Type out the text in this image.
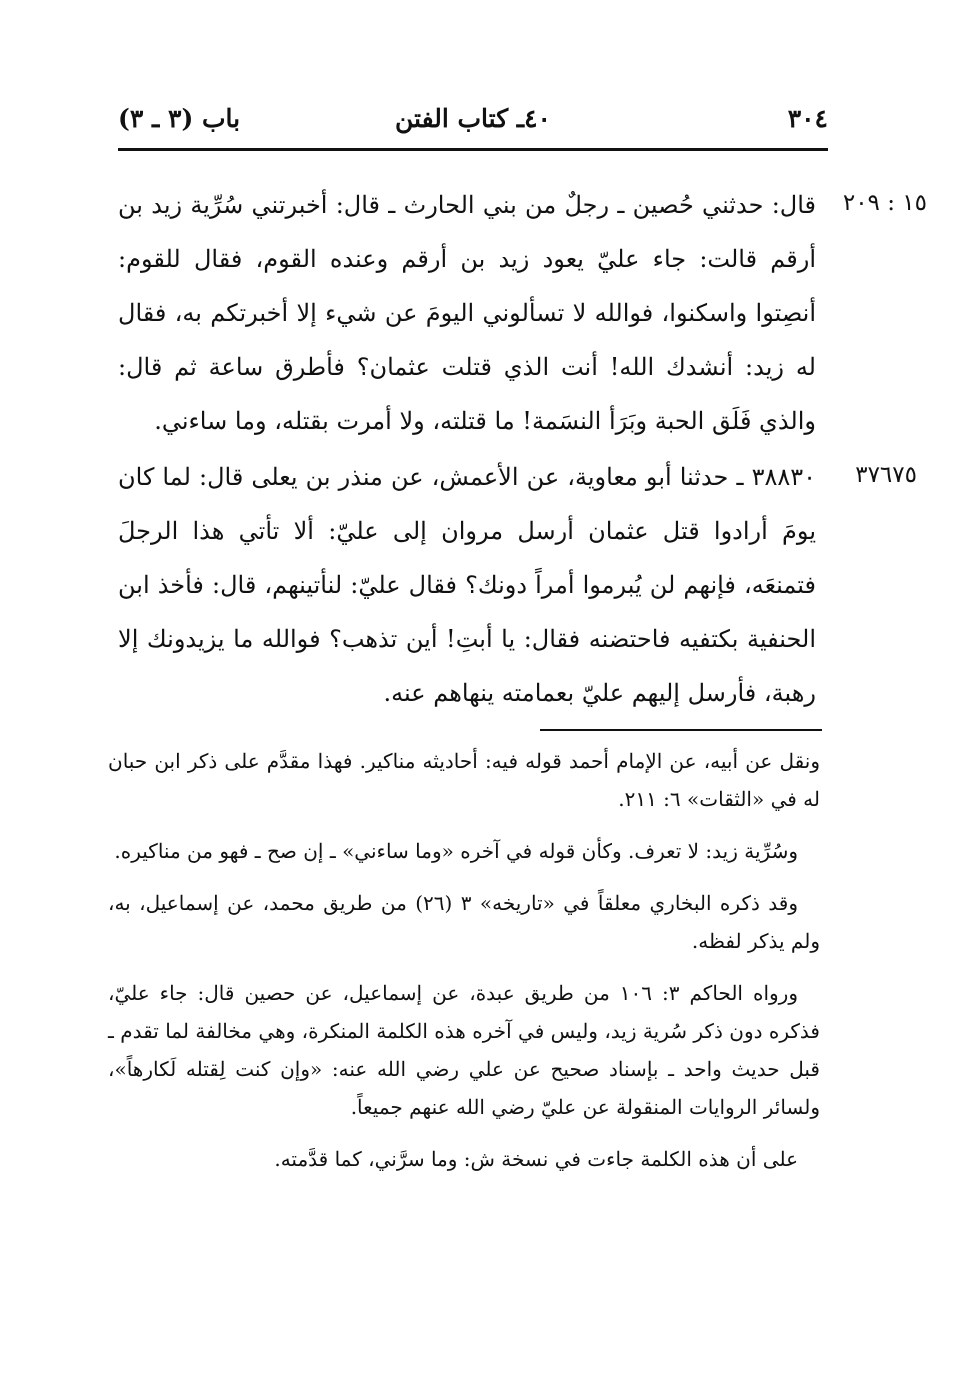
٣٠٤
٤٠ـ كتاب الفتن
باب (٣ ـ ٣)
١٥ : ٢٠٩

قال: حدثني حُصين ـ رجلٌ من بني الحارث ـ قال: أخبرتني سُرِّية زيد بن أرقم قالت: جاء عليّ يعود زيد بن أرقم وعنده القوم، فقال للقوم: أنصِتوا واسكنوا، فوالله لا تسألوني اليومَ عن شيء إلا أخبرتكم به، فقال له زيد: أنشدك الله! أنت الذي قتلت عثمان؟ فأطرق ساعة ثم قال: والذي فَلَق الحبة وبَرَأ النسَمة! ما قتلته، ولا أمرت بقتله، وما ساءني.

٣٧٦٧٥

٣٨٨٣٠ ـ حدثنا أبو معاوية، عن الأعمش، عن منذر بن يعلى قال: لما كان يومَ أرادوا قتل عثمان أرسل مروان إلى عليّ: ألا تأتي هذا الرجلَ فتمنعَه، فإنهم لن يُبرموا أمراً دونك؟ فقال عليّ: لنأتينهم، قال: فأخذ ابن الحنفية بكتفيه فاحتضنه فقال: يا أبتِ! أين تذهب؟ فوالله ما يزيدونك إلا رهبة، فأرسل إليهم عليّ بعمامته ينهاهم عنه.

ونقل عن أبيه، عن الإمام أحمد قوله فيه: أحاديثه مناكير. فهذا مقدَّم على ذكر ابن حبان له في «الثقات» ٦: ٢١١.

وسُرِّية زيد: لا تعرف. وكأن قوله في آخره «وما ساءني» ـ إن صح ـ فهو من مناكيره.

وقد ذكره البخاري معلقاً في «تاريخه» ٣ (٢٦) من طريق محمد، عن إسماعيل، به، ولم يذكر لفظه.

ورواه الحاكم ٣: ١٠٦ من طريق عبدة، عن إسماعيل، عن حصين قال: جاء عليّ، فذكره دون ذكر سُرية زيد، وليس في آخره هذه الكلمة المنكرة، وهي مخالفة لما تقدم ـ قبل حديث واحد ـ بإسناد صحيح عن علي رضي الله عنه: «وإن كنت لِقتله لَكارهاً»، ولسائر الروايات المنقولة عن عليّ رضي الله عنهم جميعاً.

على أن هذه الكلمة جاءت في نسخة ش: وما سرَّني، كما قدَّمته.
